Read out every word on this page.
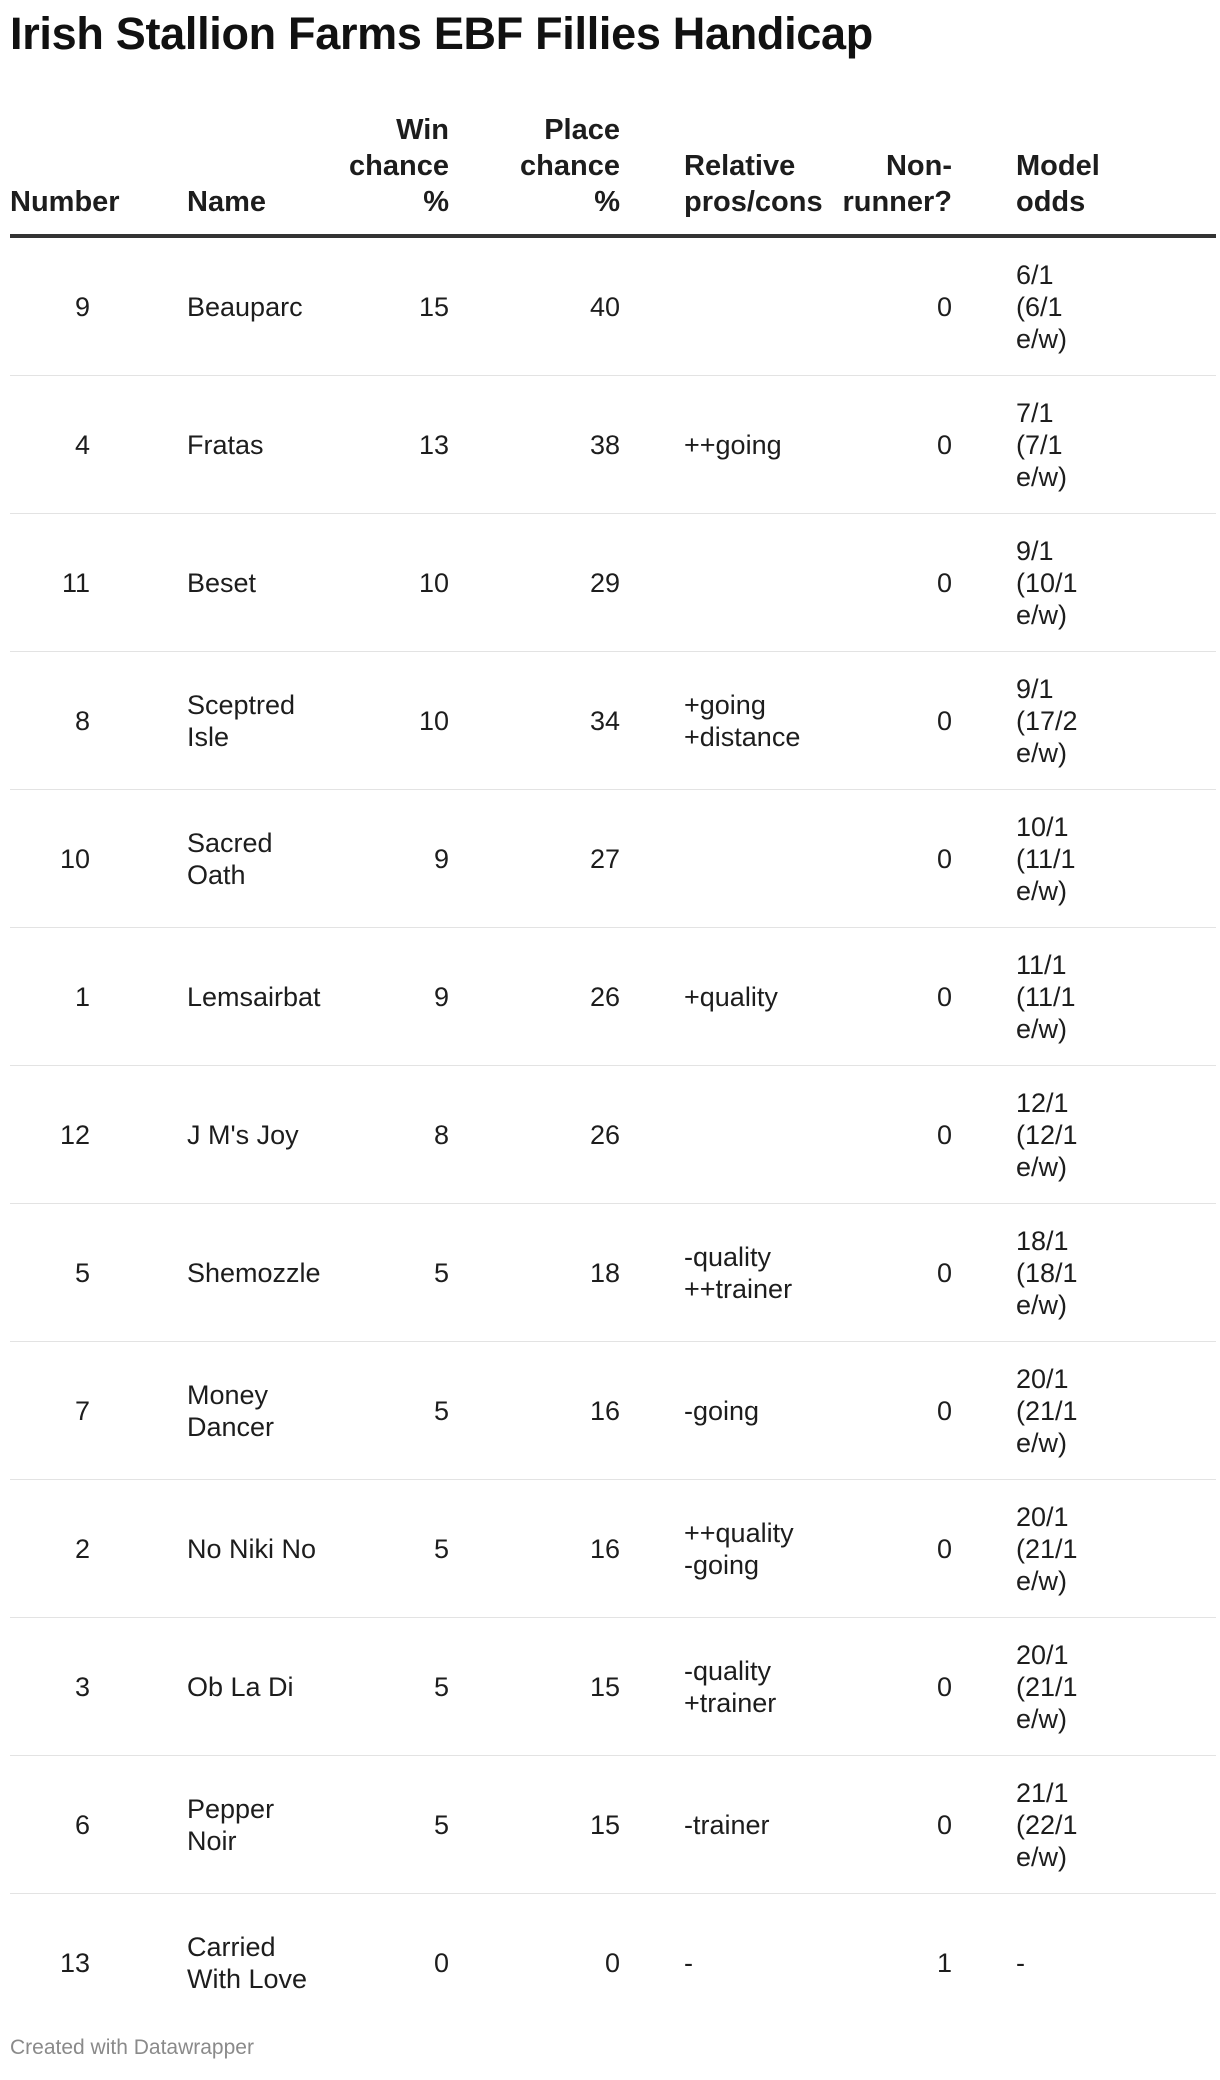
Irish Stallion Farms EBF Fillies Handicap
Number	Name	Win
chance
%	Place
chance
%	Relative
pros/cons	Non-
runner?	Model
odds
9	Beauparc	15	40		0	6/1
(6/1
e/w)
4	Fratas	13	38	++going	0	7/1
(7/1
e/w)
11	Beset	10	29		0	9/1
(10/1
e/w)
8	Sceptred
Isle	10	34	+going
+distance	0	9/1
(17/2
e/w)
10	Sacred
Oath	9	27		0	10/1
(11/1
e/w)
1	Lemsairbat	9	26	+quality	0	11/1
(11/1
e/w)
12	J M's Joy	8	26		0	12/1
(12/1
e/w)
5	Shemozzle	5	18	-quality
++trainer	0	18/1
(18/1
e/w)
7	Money
Dancer	5	16	-going	0	20/1
(21/1
e/w)
2	No Niki No	5	16	++quality
-going	0	20/1
(21/1
e/w)
3	Ob La Di	5	15	-quality
+trainer	0	20/1
(21/1
e/w)
6	Pepper
Noir	5	15	-trainer	0	21/1
(22/1
e/w)
13	Carried
With Love	0	0	-	1	-
Created with Datawrapper
